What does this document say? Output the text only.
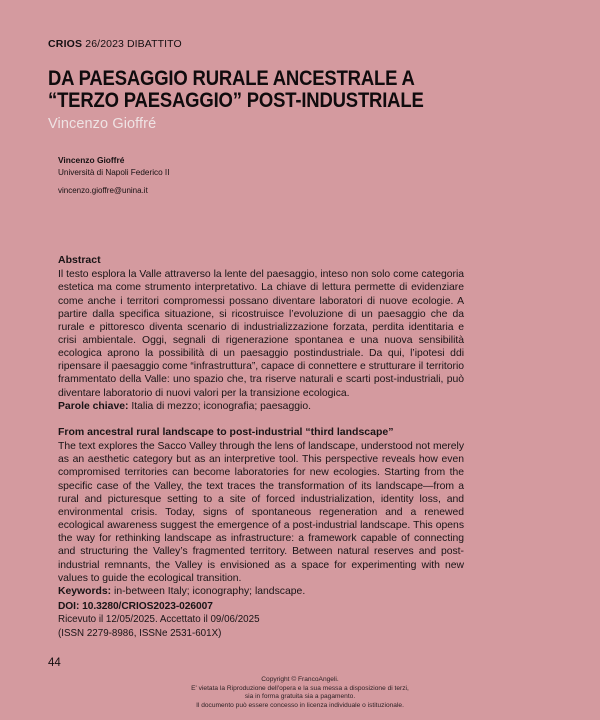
CRIOS 26/2023 DIBATTITO
DA PAESAGGIO RURALE ANCESTRALE A “TERZO PAESAGGIO” POST-INDUSTRIALE
Vincenzo Gioffré
Vincenzo Gioffré
Università di Napoli Federico II
vincenzo.gioffre@unina.it

Abstract

Il testo esplora la Valle attraverso la lente del paesaggio, inteso non solo come categoria estetica ma come strumento interpretativo. La chiave di lettura permette di evidenziare come anche i territori compromessi possano diventare laboratori di nuove ecologie. A partire dalla specifica situazione, si ricostruisce l’evoluzione di un paesaggio che da rurale e pittoresco diventa scenario di industrializzazione forzata, perdita identitaria e crisi ambientale. Oggi, segnali di rigenerazione spontanea e una nuova sensibilità ecologica aprono la possibilità di un paesaggio postindustriale. Da qui, l’ipotesi ddi ripensare il paesaggio come “infrastruttura”, capace di connettere e strutturare il territorio frammentato della Valle: uno spazio che, tra riserve naturali e scarti post-industriali, può diventare laboratorio di nuovi valori per la transizione ecologica.

Parole chiave: Italia di mezzo; iconografia; paesaggio.

From ancestral rural landscape to post-industrial “third landscape”

The text explores the Sacco Valley through the lens of landscape, understood not merely as an aesthetic category but as an interpretive tool. This perspective reveals how even compromised territories can become laboratories for new ecologies. Starting from the specific case of the Valley, the text traces the transformation of its landscape—from a rural and picturesque setting to a site of forced industrialization, identity loss, and environmental crisis. Today, signs of spontaneous regeneration and a renewed ecological awareness suggest the emergence of a post-industrial landscape. This opens the way for rethinking landscape as infrastructure: a framework capable of connecting and structuring the Valley’s fragmented territory. Between natural reserves and post-industrial remnants, the Valley is envisioned as a space for experimenting with new values to guide the ecological transition.

Keywords: in-between Italy; iconography; landscape.

DOI: 10.3280/CRIOS2023-026007
Ricevuto il 12/05/2025. Accettato il 09/06/2025
(ISSN 2279-8986, ISSNe 2531-601X)
44
Copyright © FrancoAngeli.
E' vietata la Riproduzione dell'opera e la sua messa a disposizione di terzi,
sia in forma gratuita sia a pagamento.
Il documento può essere concesso in licenza individuale o istituzionale.
